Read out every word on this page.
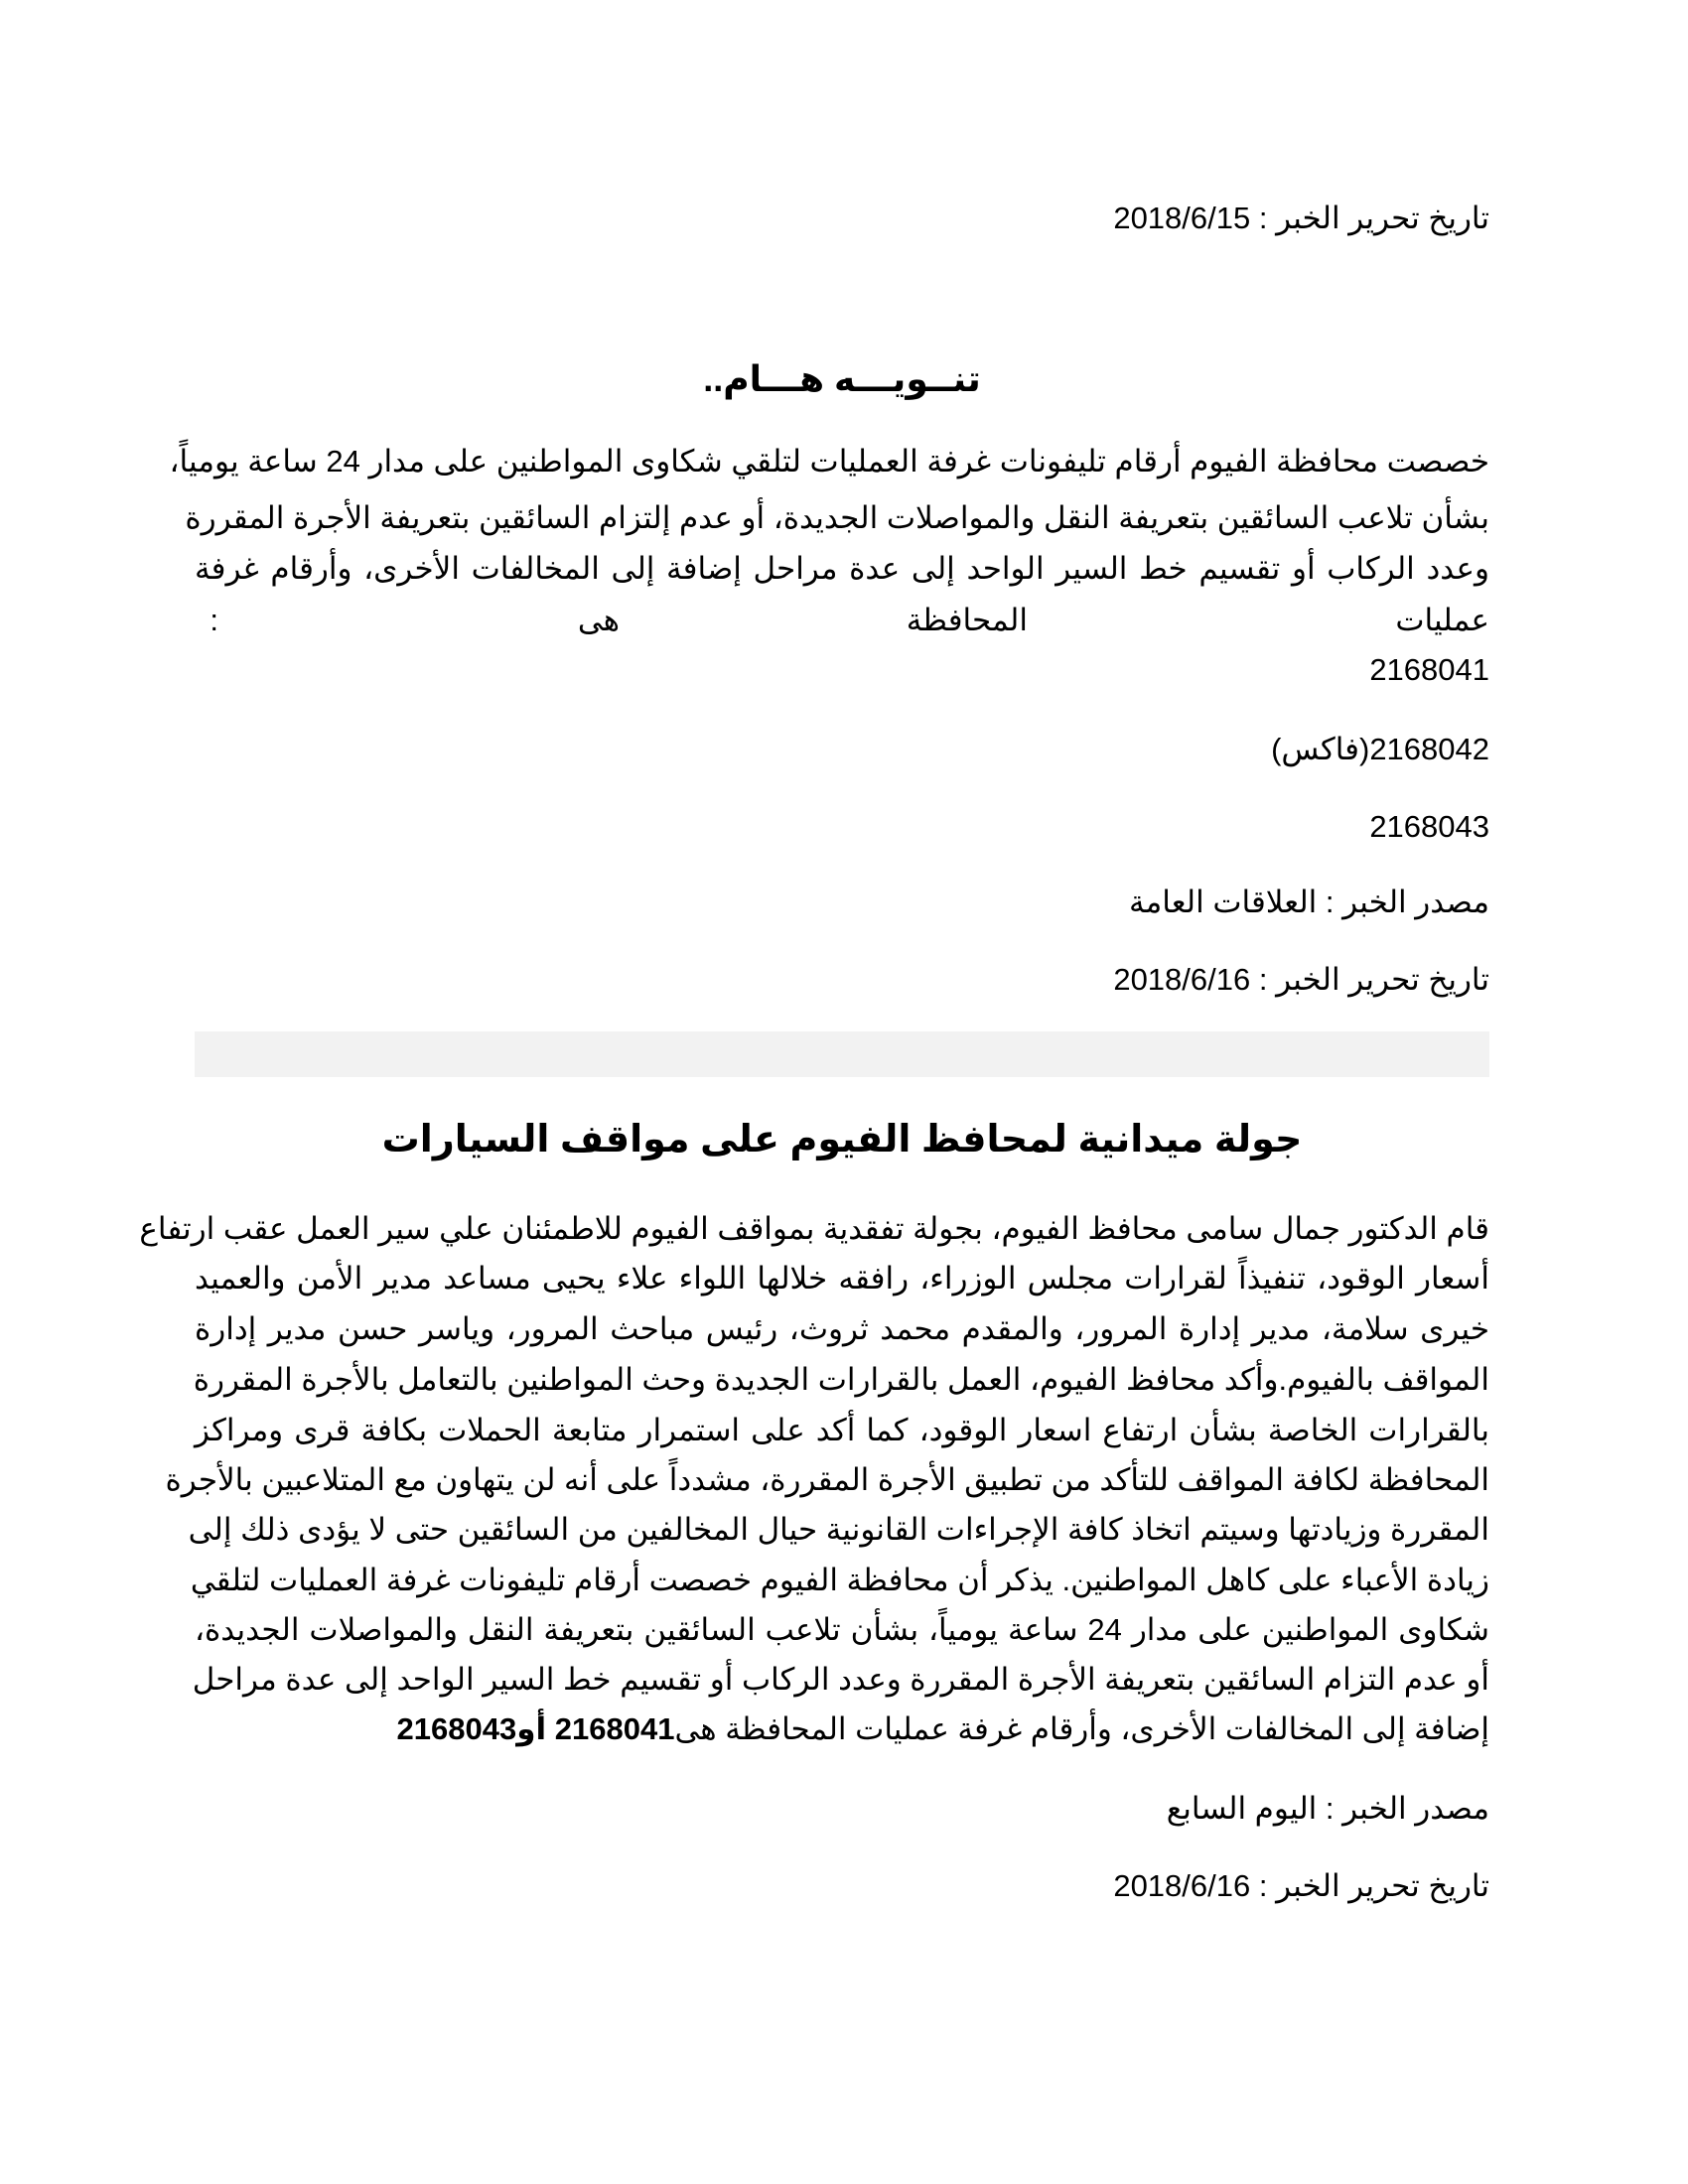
تاريخ تحرير الخبر : 2018/6/15
تنــويـــه هـــام..
خصصت محافظة الفيوم أرقام تليفونات غرفة العمليات لتلقي شكاوى المواطنين على مدار 24 ساعة يومياً،
بشأن تلاعب السائقين بتعريفة النقل والمواصلات الجديدة، أو عدم إلتزام السائقين بتعريفة الأجرة المقررة
وعدد الركاب أو تقسيم خط السير الواحد إلى عدة مراحل إضافة إلى المخالفات الأخرى، وأرقام غرفة
عمليات
المحافظة
هى
:
2168041
2168042(فاكس)
2168043
مصدر الخبر : العلاقات العامة
تاريخ تحرير الخبر : 2018/6/16
جولة ميدانية لمحافظ الفيوم على مواقف السيارات
قام الدكتور جمال سامى محافظ الفيوم، بجولة تفقدية بمواقف الفيوم للاطمئنان علي سير العمل عقب ارتفاع
أسعار الوقود، تنفيذاً لقرارات مجلس الوزراء، رافقه خلالها اللواء علاء يحيى مساعد مدير الأمن والعميد
خيرى سلامة، مدير إدارة المرور، والمقدم محمد ثروث، رئيس مباحث المرور، وياسر حسن مدير إدارة
المواقف بالفيوم.وأكد محافظ الفيوم، العمل بالقرارات الجديدة وحث المواطنين بالتعامل بالأجرة المقررة
بالقرارات الخاصة بشأن ارتفاع اسعار الوقود، كما أكد على استمرار متابعة الحملات بكافة قرى ومراكز
المحافظة لكافة المواقف للتأكد من تطبيق الأجرة المقررة، مشدداً على أنه لن يتهاون مع المتلاعبين بالأجرة
المقررة وزيادتها وسيتم اتخاذ كافة الإجراءات القانونية حيال المخالفين من السائقين حتى لا يؤدى ذلك إلى
زيادة الأعباء على كاهل المواطنين. يذكر أن محافظة الفيوم خصصت أرقام تليفونات غرفة العمليات لتلقي
شكاوى المواطنين على مدار 24 ساعة يومياً، بشأن تلاعب السائقين بتعريفة النقل والمواصلات الجديدة،
أو عدم التزام السائقين بتعريفة الأجرة المقررة وعدد الركاب أو تقسيم خط السير الواحد إلى عدة مراحل
إضافة إلى المخالفات الأخرى، وأرقام غرفة عمليات المحافظة هى2168041 أو2168043
مصدر الخبر : اليوم السابع
تاريخ تحرير الخبر : 2018/6/16
